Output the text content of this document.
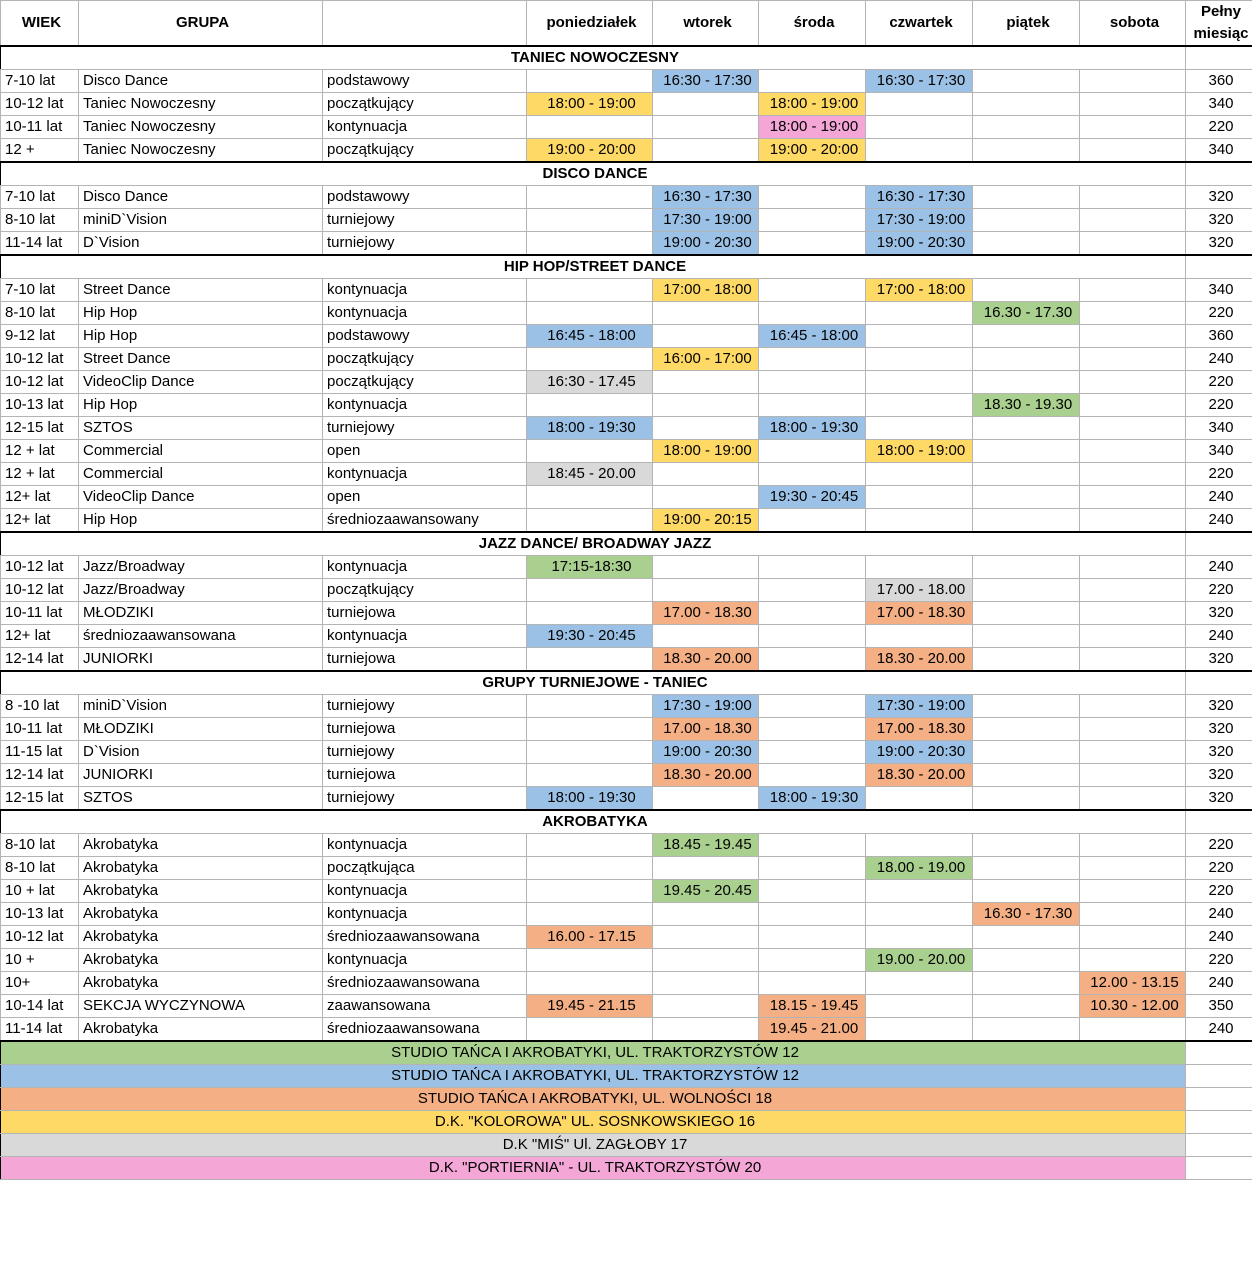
WIEK	GRUPA		poniedziałek	wtorek	środa	czwartek	piątek	sobota	Pełny
miesiąc

TANIEC NOWOCZESNY									
7-10 lat	Disco Dance	podstawowy		16:30 - 17:30		16:30 - 17:30			360
10-12 lat	Taniec Nowoczesny	początkujący	18:00 - 19:00		18:00 - 19:00				340
10-11 lat	Taniec Nowoczesny	kontynuacja			18:00 - 19:00				220
12 +	Taniec Nowoczesny	początkujący	19:00 - 20:00		19:00 - 20:00				340
DISCO DANCE									
7-10 lat	Disco Dance	podstawowy		16:30 - 17:30		16:30 - 17:30			320
8-10 lat	miniD`Vision	turniejowy		17:30 - 19:00		17:30 - 19:00			320
11-14 lat	D`Vision	turniejowy		19:00 - 20:30		19:00 - 20:30			320
HIP HOP/STREET DANCE									
7-10 lat	Street Dance	kontynuacja		17:00 - 18:00		17:00 - 18:00			340
8-10 lat	Hip Hop	kontynuacja					16.30 - 17.30		220
9-12 lat	Hip Hop	podstawowy	16:45 - 18:00		16:45 - 18:00				360
10-12 lat	Street Dance	początkujący		16:00 - 17:00					240
10-12 lat	VideoClip Dance	początkujący	16:30 - 17.45						220
10-13 lat	Hip Hop	kontynuacja					18.30 - 19.30		220
12-15 lat	SZTOS	turniejowy	18:00 - 19:30		18:00 - 19:30				340
12 + lat	Commercial	open		18:00 - 19:00		18:00 - 19:00			340
12 + lat	Commercial	kontynuacja	18:45 - 20.00						220
12+ lat	VideoClip Dance	open			19:30 - 20:45				240
12+ lat	Hip Hop	średniozaawansowany		19:00 - 20:15					240
JAZZ DANCE/ BROADWAY JAZZ									
10-12 lat	Jazz/Broadway	kontynuacja	17:15-18:30						240
10-12 lat	Jazz/Broadway	początkujący				17.00 - 18.00			220
10-11 lat	MŁODZIKI	turniejowa		17.00 - 18.30		17.00 - 18.30			320
12+ lat	średniozaawansowana	kontynuacja	19:30 - 20:45						240
12-14 lat	JUNIORKI	turniejowa		18.30 - 20.00		18.30 - 20.00			320
GRUPY TURNIEJOWE - TANIEC									
8 -10 lat	miniD`Vision	turniejowy		17:30 - 19:00		17:30 - 19:00			320
10-11 lat	MŁODZIKI	turniejowa		17.00 - 18.30		17.00 - 18.30			320
11-15 lat	D`Vision	turniejowy		19:00 - 20:30		19:00 - 20:30			320
12-14 lat	JUNIORKI	turniejowa		18.30 - 20.00		18.30 - 20.00			320
12-15 lat	SZTOS	turniejowy	18:00 - 19:30		18:00 - 19:30				320
AKROBATYKA									
8-10 lat	Akrobatyka	kontynuacja		18.45 - 19.45					220
8-10 lat	Akrobatyka	początkująca				18.00 - 19.00			220
10 + lat	Akrobatyka	kontynuacja		19.45 - 20.45					220
10-13 lat	Akrobatyka	kontynuacja					16.30 - 17.30		240
10-12 lat	Akrobatyka	średniozaawansowana	16.00 - 17.15						240
10 +	Akrobatyka	kontynuacja				19.00 - 20.00			220
10+	Akrobatyka	średniozaawansowana						12.00 - 13.15	240
10-14 lat	SEKCJA WYCZYNOWA	zaawansowana	19.45 - 21.15		18.15 - 19.45			10.30 - 12.00	350
11-14 lat	Akrobatyka	średniozaawansowana			19.45 - 21.00				240
STUDIO TAŃCA I AKROBATYKI, UL. TRAKTORZYSTÓW 12									
STUDIO TAŃCA I AKROBATYKI, UL. TRAKTORZYSTÓW 12									
STUDIO TAŃCA I AKROBATYKI, UL. WOLNOŚCI 18									
D.K. "KOLOROWA" UL. SOSNKOWSKIEGO 16									
D.K "MIŚ" Ul. ZAGŁOBY 17									
D.K. "PORTIERNIA" - UL. TRAKTORZYSTÓW 20									
